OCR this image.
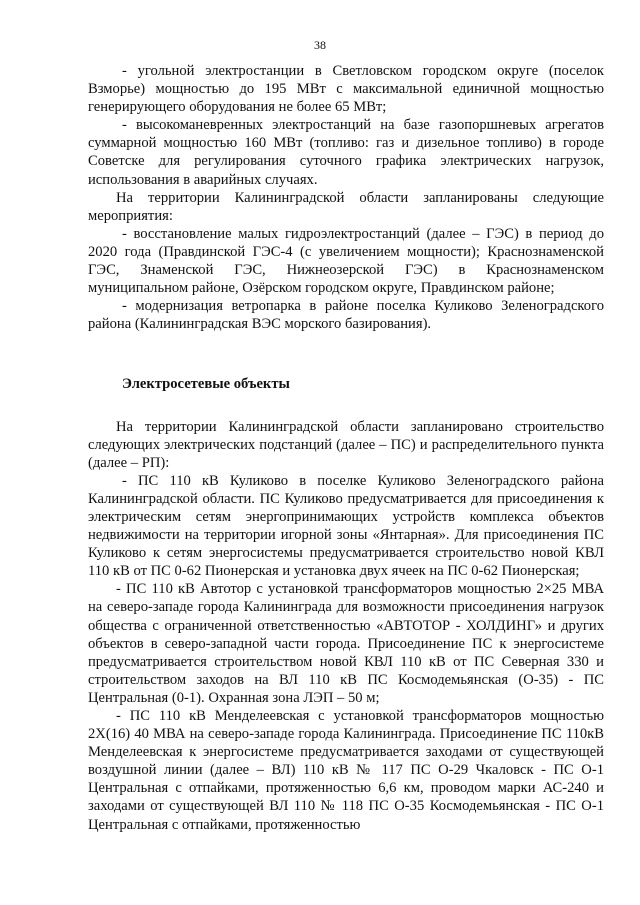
38

- угольной электростанции в Светловском городском округе (поселок Взморье) мощностью до 195 МВт с максимальной единичной мощностью генерирующего оборудования не более 65 МВт;

- высокоманевренных электростанций на базе газопоршневых агрегатов суммарной мощностью 160 МВт (топливо: газ и дизельное топливо) в городе Советске для регулирования суточного графика электрических нагрузок, использования в аварийных случаях.

На территории Калининградской области запланированы следующие мероприятия:

- восстановление малых гидроэлектростанций (далее – ГЭС) в период до 2020 года (Правдинской ГЭС-4 (с увеличением мощности); Краснознаменской ГЭС, Знаменской ГЭС, Нижнеозерской ГЭС) в Краснознаменском муниципальном районе, Озёрском городском округе, Правдинском районе;

- модернизация ветропарка в районе поселка Куликово Зеленоградского района (Калининградская ВЭС морского базирования).

Электросетевые объекты

На территории Калининградской области запланировано строительство следующих электрических подстанций (далее – ПС) и распределительного пункта (далее – РП):

- ПС 110 кВ Куликово в поселке Куликово Зеленоградского района Калининградской области. ПС Куликово предусматривается для присоединения к электрическим сетям энергопринимающих устройств комплекса объектов недвижимости на территории игорной зоны «Янтарная». Для присоединения ПС Куликово к сетям энергосистемы предусматривается строительство новой КВЛ 110 кВ от ПС 0-62 Пионерская и установка двух ячеек на ПС 0-62 Пионерская;

- ПС 110 кВ Автотор с установкой трансформаторов мощностью 2×25 МВА на северо-западе города Калининграда для возможности присоединения нагрузок общества с ограниченной ответственностью «АВТОТОР - ХОЛДИНГ» и других объектов в северо-западной части города. Присоединение ПС к энергосистеме предусматривается строительством новой КВЛ 110 кВ от ПС Северная 330 и строительством заходов на ВЛ 110 кВ ПС Космодемьянская (О-35) - ПС Центральная (0-1). Охранная зона ЛЭП – 50 м;

- ПС 110 кВ Менделеевская с установкой трансформаторов мощностью 2Х(16) 40 МВА на северо-западе города Калининграда. Присоединение ПС 110кВ Менделеевская к энергосистеме предусматривается заходами от существующей воздушной линии (далее – ВЛ) 110 кВ № 117 ПС О-29 Чкаловск - ПС О-1 Центральная с отпайками, протяженностью 6,6 км, проводом марки АС-240 и заходами от существующей ВЛ 110 № 118 ПС О-35 Космодемьянская - ПС О-1 Центральная с отпайками, протяженностью
